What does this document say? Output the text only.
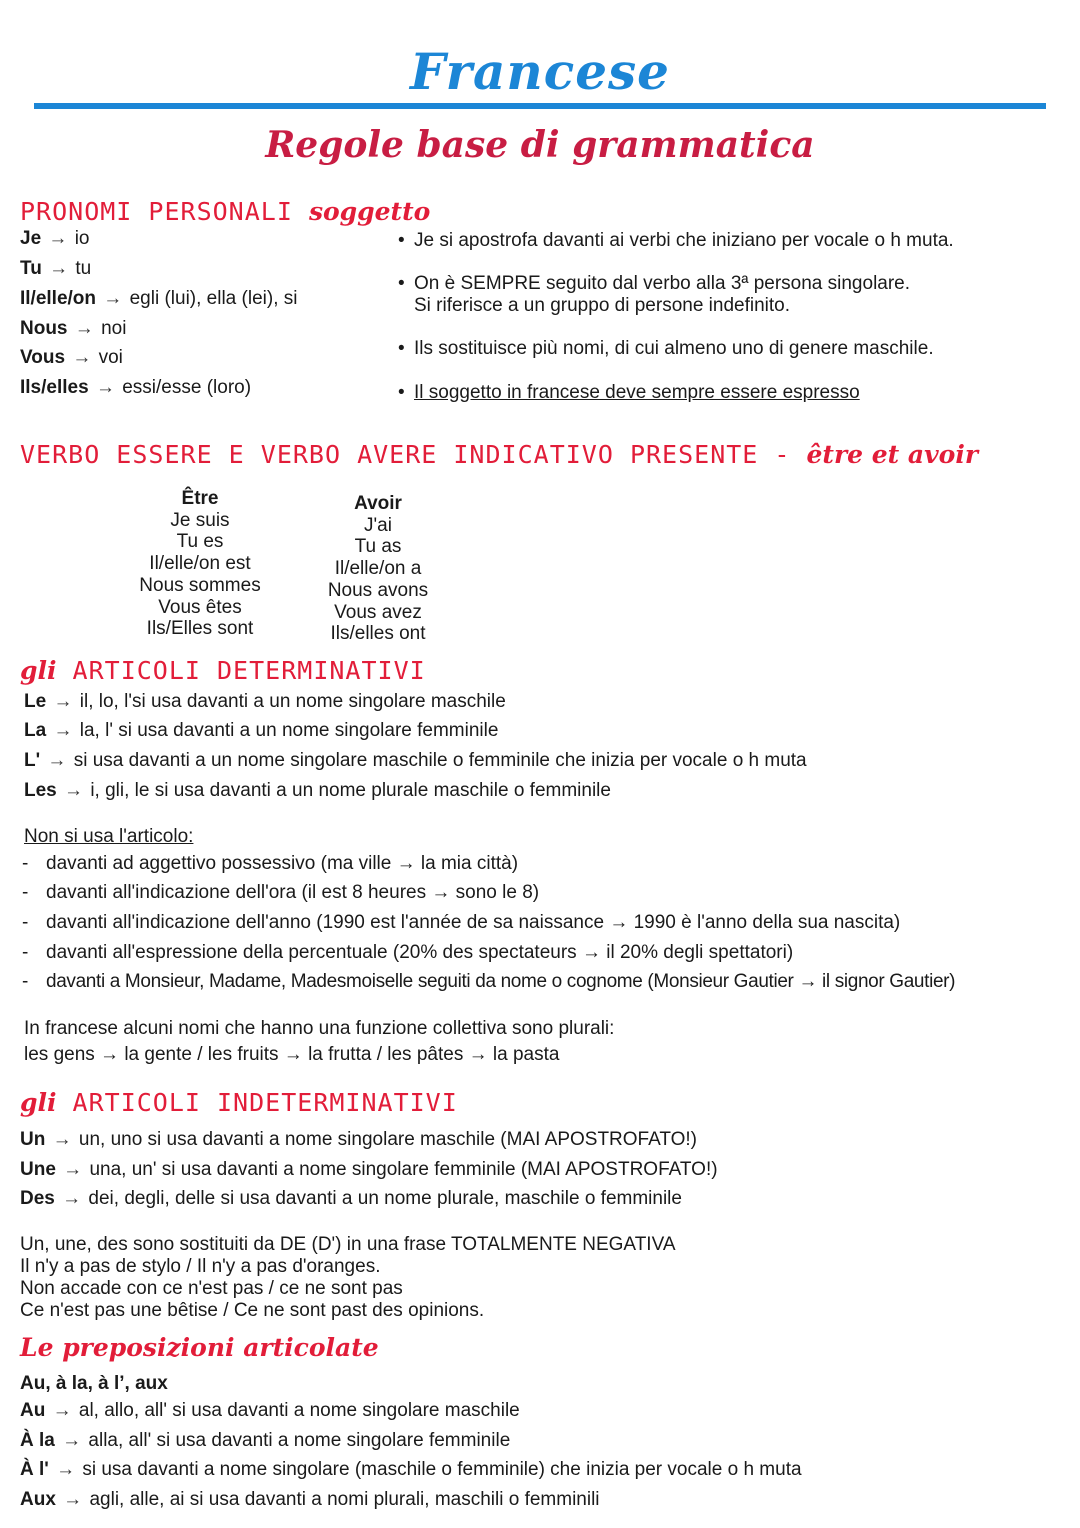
Francese
Regole base di grammatica
PRONOMI PERSONALI soggetto
Je → io
Tu → tu
Il/elle/on → egli (lui), ella (lei), si
Nous → noi
Vous → voi
Ils/elles → essi/esse (loro)
• Je si apostrofa davanti ai verbi che iniziano per vocale o h muta.
• On è SEMPRE seguito dal verbo alla 3ª persona singolare.
Si riferisce a un gruppo di persone indefinito.
• Ils sostituisce più nomi, di cui almeno uno di genere maschile.
• Il soggetto in francese deve sempre essere espresso
VERBO ESSERE E VERBO AVERE INDICATIVO PRESENTE - être et avoir
Être
Je suis
Tu es
Il/elle/on est
Nous sommes
Vous êtes
Ils/Elles sont
Avoir
J'ai
Tu as
Il/elle/on a
Nous avons
Vous avez
Ils/elles ont
gli ARTICOLI DETERMINATIVI
Le → il, lo, l'si usa davanti a un nome singolare maschile
La → la, l' si usa davanti a un nome singolare femminile
L' → si usa davanti a un nome singolare maschile o femminile che inizia per vocale o h muta
Les → i, gli, le si usa davanti a un nome plurale maschile o femminile
Non si usa l'articolo:
- davanti ad aggettivo possessivo (ma ville → la mia città)
- davanti all'indicazione dell'ora (il est 8 heures → sono le 8)
- davanti all'indicazione dell'anno (1990 est l'année de sa naissance → 1990 è l'anno della sua nascita)
- davanti all'espressione della percentuale (20% des spectateurs → il 20% degli spettatori)
- davanti a Monsieur, Madame, Madesmoiselle seguiti da nome o cognome (Monsieur Gautier → il signor Gautier)
In francese alcuni nomi che hanno una funzione collettiva sono plurali:
les gens → la gente / les fruits → la frutta / les pâtes → la pasta
gli ARTICOLI INDETERMINATIVI
Un → un, uno si usa davanti a nome singolare maschile (MAI APOSTROFATO!)
Une → una, un' si usa davanti a nome singolare femminile (MAI APOSTROFATO!)
Des → dei, degli, delle si usa davanti a un nome plurale, maschile o femminile
Un, une, des sono sostituiti da DE (D') in una frase TOTALMENTE NEGATIVA
Il n'y a pas de stylo / Il n'y a pas d'oranges.
Non accade con ce n'est pas / ce ne sont pas
Ce n'est pas une bêtise / Ce ne sont past des opinions.
Le preposizioni articolate
Au, à la, à l’, aux
Au → al, allo, all' si usa davanti a nome singolare maschile
À la → alla, all' si usa davanti a nome singolare femminile
À l' → si usa davanti a nome singolare (maschile o femminile) che inizia per vocale o h muta
Aux → agli, alle, ai si usa davanti a nomi plurali, maschili o femminili
